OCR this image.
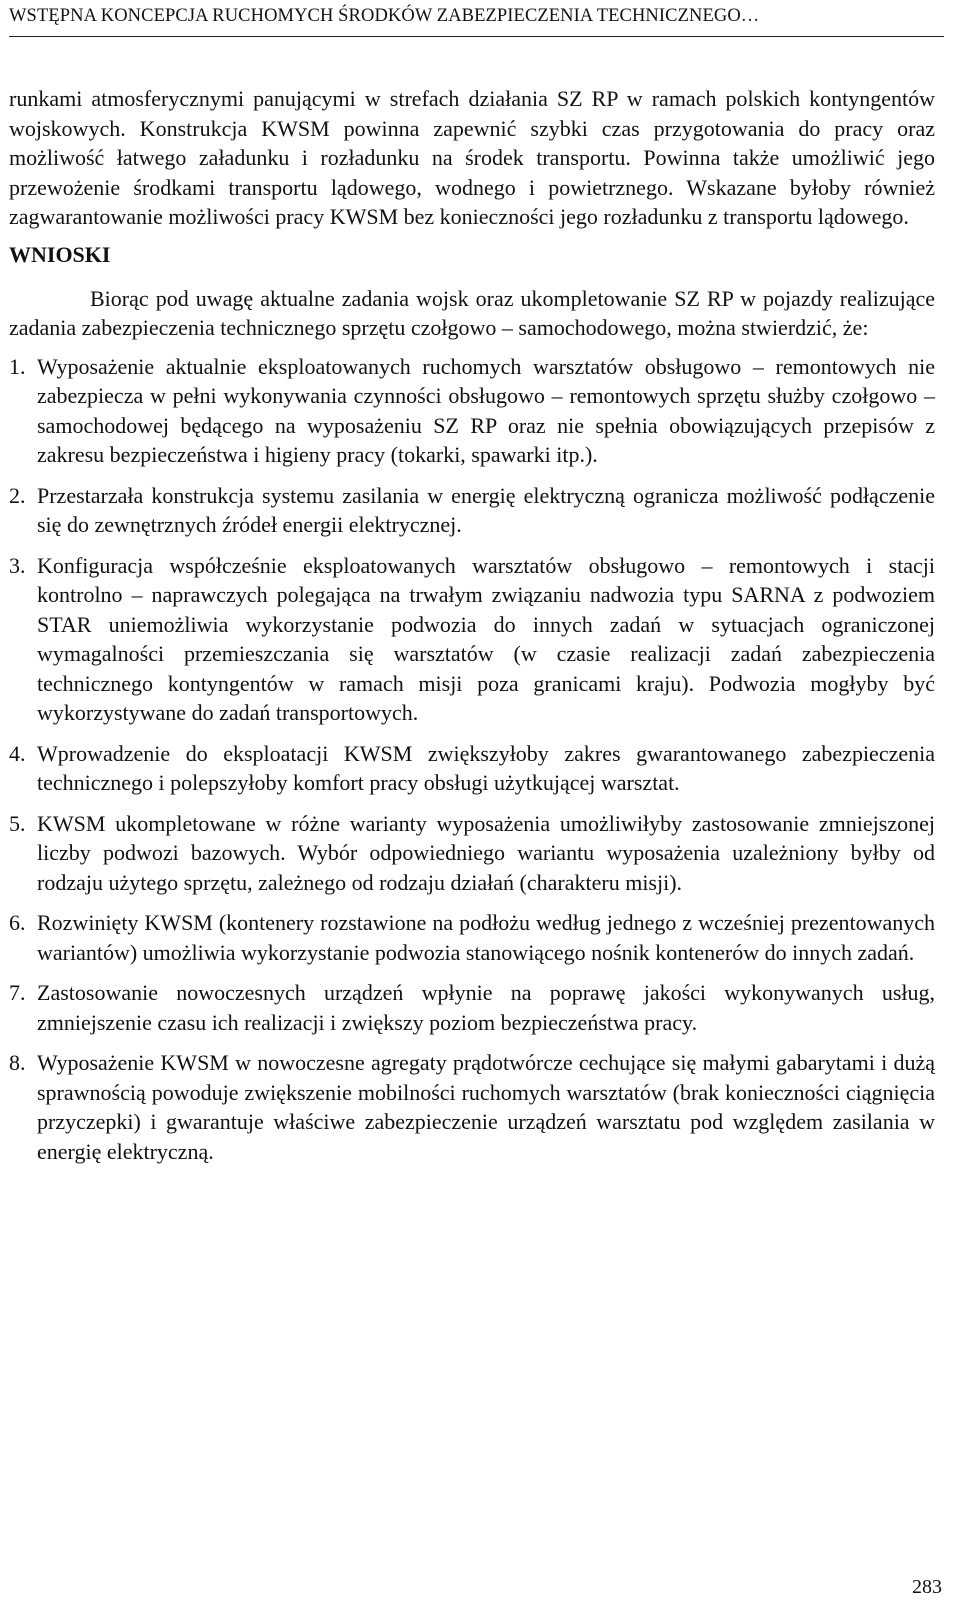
WSTĘPNA KONCEPCJA RUCHOMYCH ŚRODKÓW ZABEZPIECZENIA TECHNICZNEGO…

runkami atmosferycznymi panującymi w strefach działania SZ RP w ramach polskich kontyngentów wojskowych. Konstrukcja KWSM powinna zapewnić szybki czas przygotowania do pracy oraz możliwość łatwego załadunku i rozładunku na środek transportu. Powinna także umożliwić jego przewożenie środkami transportu lądowego, wodnego i powietrznego. Wskazane byłoby również zagwarantowanie możliwości pracy KWSM bez konieczności jego rozładunku z transportu lądowego.

WNIOSKI

Biorąc pod uwagę aktualne zadania wojsk oraz ukompletowanie SZ RP w pojazdy realizujące zadania zabezpieczenia technicznego sprzętu czołgowo – samochodowego, można stwierdzić, że:

1. Wyposażenie aktualnie eksploatowanych ruchomych warsztatów obsługowo – remontowych nie zabezpiecza w pełni wykonywania czynności obsługowo – remontowych sprzętu służby czołgowo – samochodowej będącego na wyposażeniu SZ RP oraz nie spełnia obowiązujących przepisów z zakresu bezpieczeństwa i higieny pracy (tokarki, spawarki itp.).

2. Przestarzała konstrukcja systemu zasilania w energię elektryczną ogranicza możliwość podłączenie się do zewnętrznych źródeł energii elektrycznej.

3. Konfiguracja współcześnie eksploatowanych warsztatów obsługowo – remontowych i stacji kontrolno – naprawczych polegająca na trwałym związaniu nadwozia typu SARNA z podwoziem STAR uniemożliwia wykorzystanie podwozia do innych zadań w sytuacjach ograniczonej wymagalności przemieszczania się warsztatów (w czasie realizacji zadań zabezpieczenia technicznego kontyngentów w ramach misji poza granicami kraju). Podwozia mogłyby być wykorzystywane do zadań transportowych.

4. Wprowadzenie do eksploatacji KWSM zwiększyłoby zakres gwarantowanego zabezpieczenia technicznego i polepszyłoby komfort pracy obsługi użytkującej warsztat.

5. KWSM ukompletowane w różne warianty wyposażenia umożliwiłyby zastosowanie zmniejszonej liczby podwozi bazowych. Wybór odpowiedniego wariantu wyposażenia uzależniony byłby od rodzaju użytego sprzętu, zależnego od rodzaju działań (charakteru misji).

6. Rozwinięty KWSM (kontenery rozstawione na podłożu według jednego z wcześniej prezentowanych wariantów) umożliwia wykorzystanie podwozia stanowiącego nośnik kontenerów do innych zadań.

7. Zastosowanie nowoczesnych urządzeń wpłynie na poprawę jakości wykonywanych usług, zmniejszenie czasu ich realizacji i zwiększy poziom bezpieczeństwa pracy.

8. Wyposażenie KWSM w nowoczesne agregaty prądotwórcze cechujące się małymi gabarytami i dużą sprawnością powoduje zwiększenie mobilności ruchomych warsztatów (brak konieczności ciągnięcia przyczepki) i gwarantuje właściwe zabezpieczenie urządzeń warsztatu pod względem zasilania w energię elektryczną.

283
